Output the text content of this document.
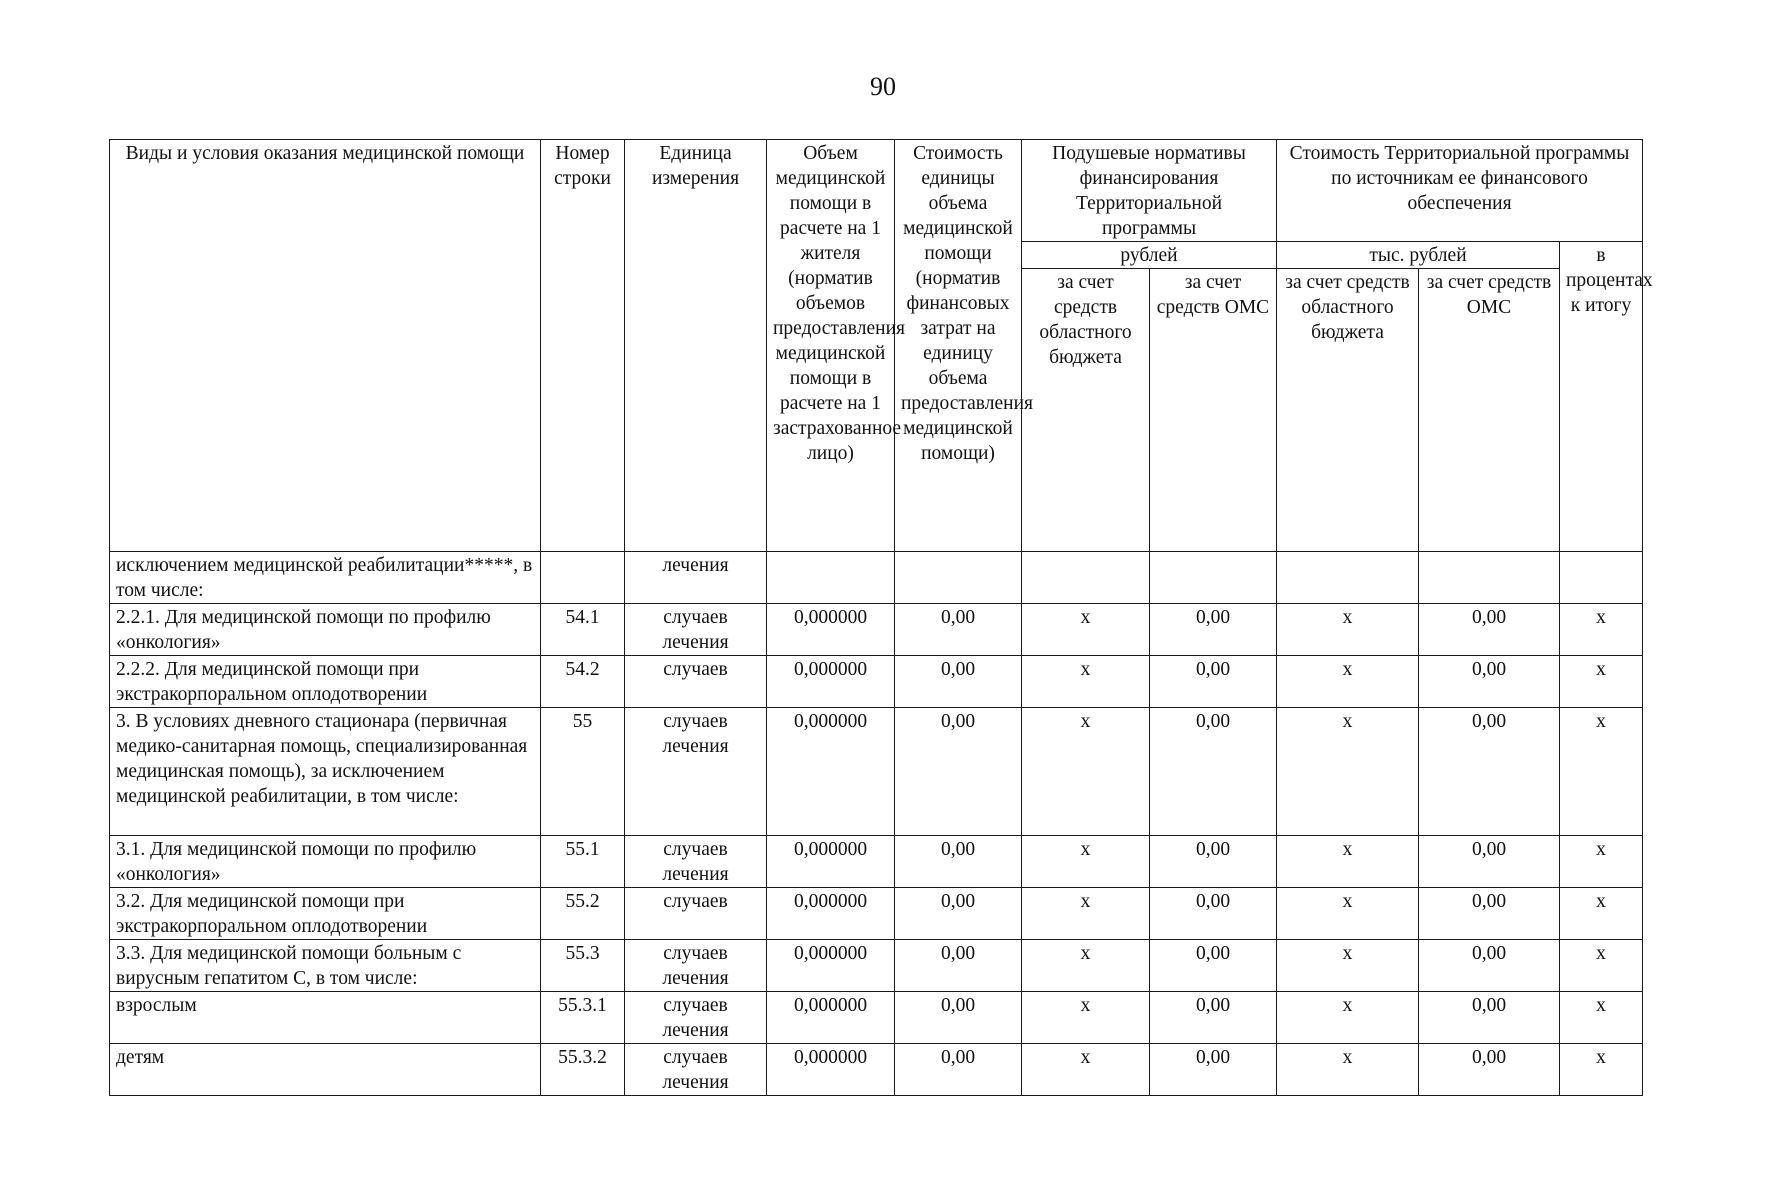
90
Виды и условия оказания медицинской помощи	Номер строки	Единица измерения	Объем медицинской помощи в расчете на 1 жителя (норматив объемов предоставления медицинской помощи в расчете на 1 застрахованное лицо)	Стоимость единицы объема медицинской помощи (норматив финансовых затрат на единицу объема предоставления медицинской помощи)	Подушевые нормативы финансирования Территориальной программы		Стоимость Территориальной программы по источникам ее финансового обеспечения		
					рублей		тыс. рублей		в процентах к итогу
					за счет средств областного бюджета	за счет средств ОМС	за счет средств областного бюджета	за счет средств ОМС	
исключением медицинской реабилитации*****, в том числе:		лечения							
2.2.1. Для медицинской помощи по профилю «онкология»	54.1	случаев лечения	0,000000	0,00	x	0,00	x	0,00	x
2.2.2. Для медицинской помощи при экстракорпоральном оплодотворении	54.2	случаев	0,000000	0,00	x	0,00	x	0,00	x
3. В условиях дневного стационара (первичная медико-санитарная помощь, специализированная медицинская помощь), за исключением медицинской реабилитации, в том числе:	55	случаев лечения	0,000000	0,00	x	0,00	x	0,00	x
3.1. Для медицинской помощи по профилю «онкология»	55.1	случаев лечения	0,000000	0,00	x	0,00	x	0,00	x
3.2. Для медицинской помощи при экстракорпоральном оплодотворении	55.2	случаев	0,000000	0,00	x	0,00	x	0,00	x
3.3. Для медицинской помощи больным с вирусным гепатитом С, в том числе:	55.3	случаев лечения	0,000000	0,00	x	0,00	x	0,00	x
взрослым	55.3.1	случаев лечения	0,000000	0,00	x	0,00	x	0,00	x
детям	55.3.2	случаев лечения	0,000000	0,00	x	0,00	x	0,00	x
